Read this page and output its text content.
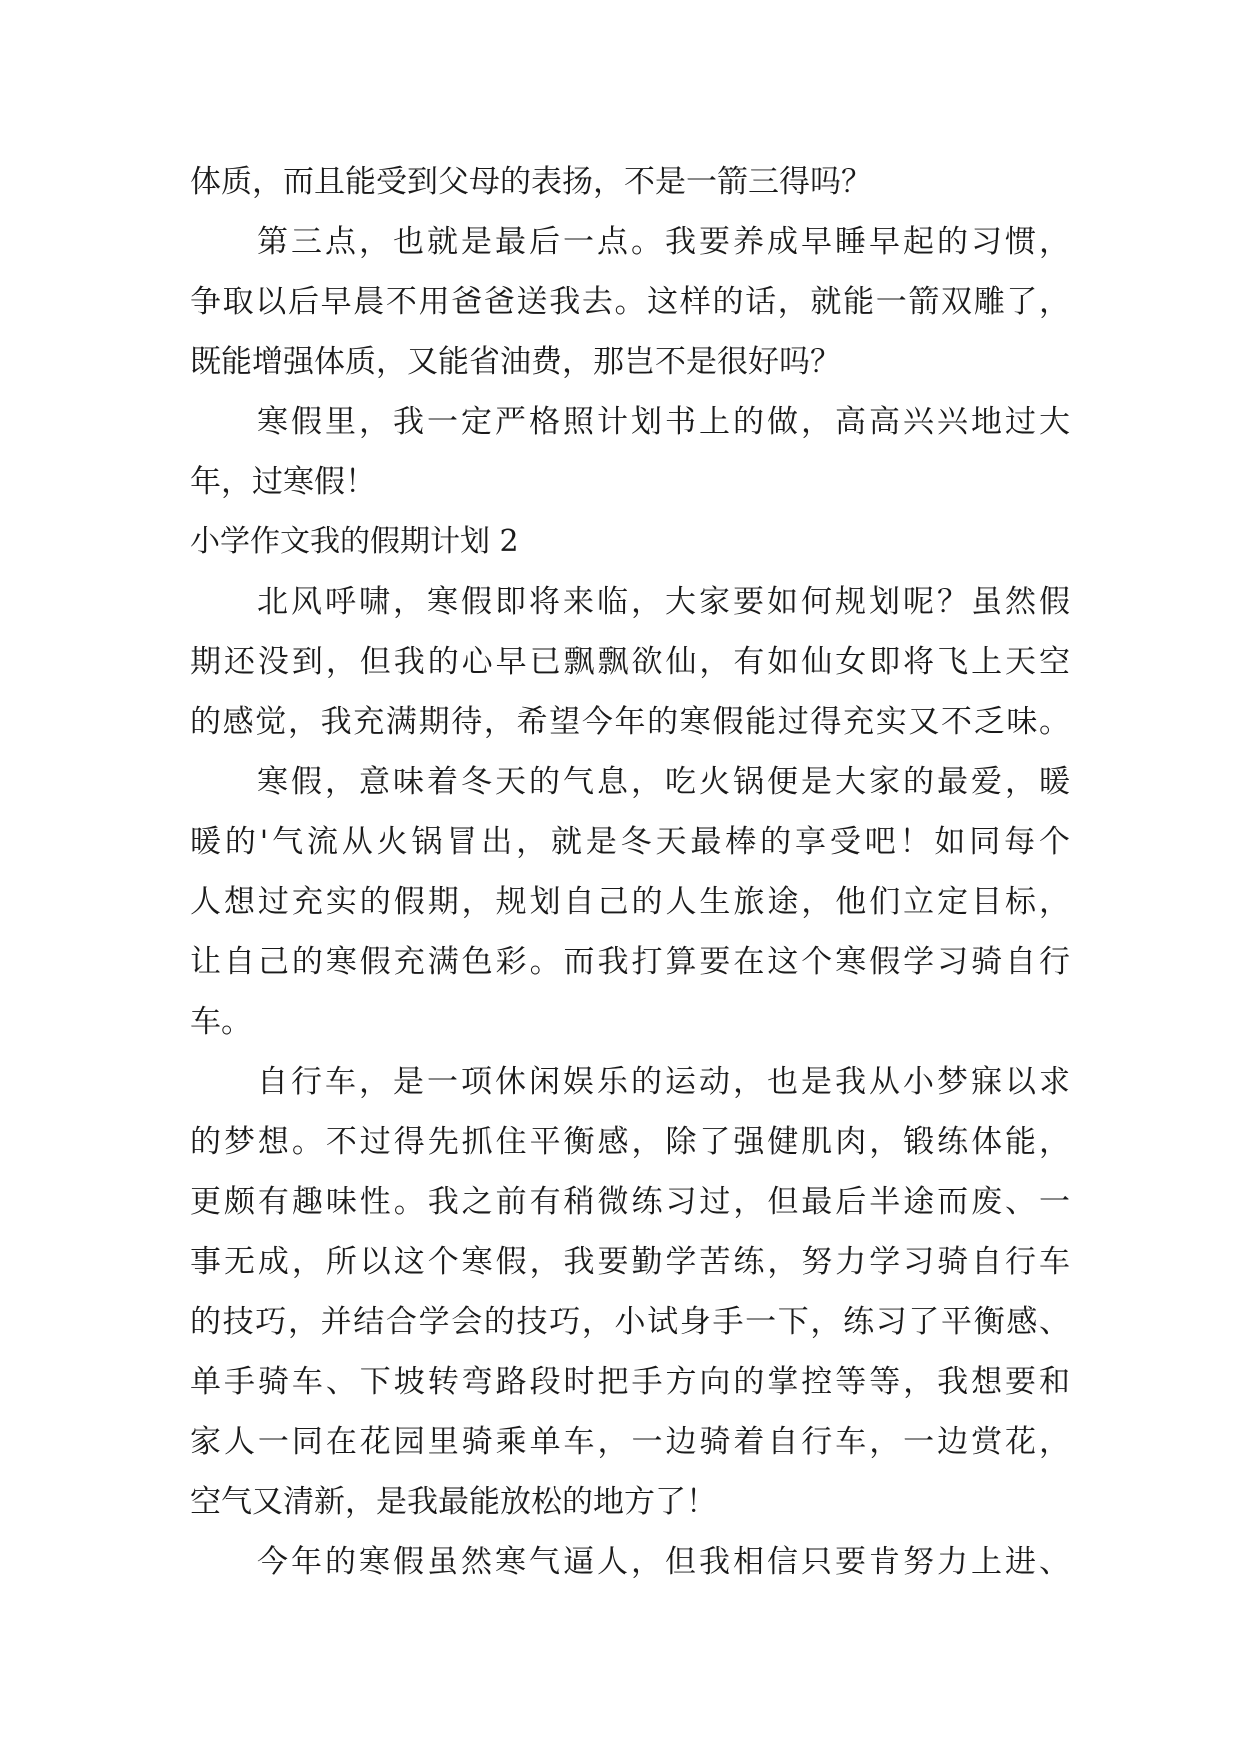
体质，而且能受到父母的表扬，不是一箭三得吗？
第三点，也就是最后一点。我要养成早睡早起的习惯，
争取以后早晨不用爸爸送我去。这样的话，就能一箭双雕了，
既能增强体质，又能省油费，那岂不是很好吗？
寒假里，我一定严格照计划书上的做，高高兴兴地过大
年，过寒假！
小学作文我的假期计划 2
北风呼啸，寒假即将来临，大家要如何规划呢？虽然假
期还没到，但我的心早已飘飘欲仙，有如仙女即将飞上天空
的感觉，我充满期待，希望今年的寒假能过得充实又不乏味。
寒假，意味着冬天的气息，吃火锅便是大家的最爱，暖
暖的'气流从火锅冒出，就是冬天最棒的享受吧！如同每个
人想过充实的假期，规划自己的人生旅途，他们立定目标，
让自己的寒假充满色彩。而我打算要在这个寒假学习骑自行
车。
自行车，是一项休闲娱乐的运动，也是我从小梦寐以求
的梦想。不过得先抓住平衡感，除了强健肌肉，锻练体能，
更颇有趣味性。我之前有稍微练习过，但最后半途而废、一
事无成，所以这个寒假，我要勤学苦练，努力学习骑自行车
的技巧，并结合学会的技巧，小试身手一下，练习了平衡感、
单手骑车、下坡转弯路段时把手方向的掌控等等，我想要和
家人一同在花园里骑乘单车，一边骑着自行车，一边赏花，
空气又清新，是我最能放松的地方了！
今年的寒假虽然寒气逼人，但我相信只要肯努力上进、
